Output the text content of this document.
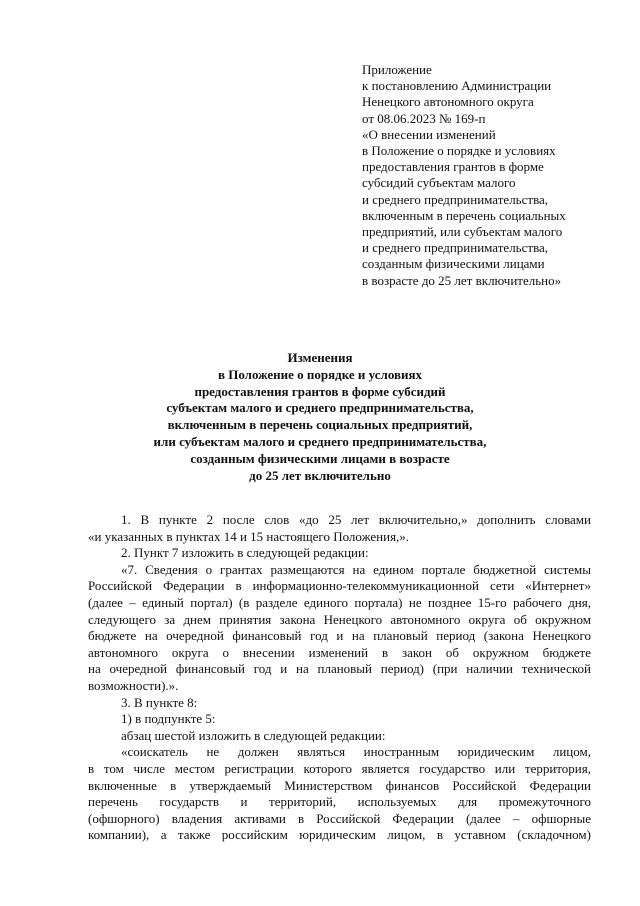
Приложение
к постановлению Администрации
Ненецкого автономного округа
от 08.06.2023 № 169-п
«О внесении изменений
в Положение о порядке и условиях
предоставления грантов в форме
субсидий субъектам малого
и среднего предпринимательства,
включенным в перечень социальных
предприятий, или субъектам малого
и среднего предпринимательства,
созданным физическими лицами
в возрасте до 25 лет включительно»
Изменения
в Положение о порядке и условиях
предоставления грантов в форме субсидий
субъектам малого и среднего предпринимательства,
включенным в перечень социальных предприятий,
или субъектам малого и среднего предпринимательства,
созданным физическими лицами в возрасте
до 25 лет включительно
1. В пункте 2 после слов «до 25 лет включительно,» дополнить словами
«и указанных в пунктах 14 и 15 настоящего Положения,».
2. Пункт 7 изложить в следующей редакции:
«7. Сведения о грантах размещаются на едином портале бюджетной системы
Российской Федерации в информационно-телекоммуникационной сети «Интернет»
(далее – единый портал) (в разделе единого портала) не позднее 15-го рабочего дня,
следующего за днем принятия закона Ненецкого автономного округа об окружном
бюджете на очередной финансовый год и на плановый период (закона Ненецкого
автономного округа о внесении изменений в закон об окружном бюджете
на очередной финансовый год и на плановый период) (при наличии технической
возможности).».
3. В пункте 8:
1) в подпункте 5:
абзац шестой изложить в следующей редакции:
«соискатель не должен являться иностранным юридическим лицом,
в том числе местом регистрации которого является государство или территория,
включенные в утверждаемый Министерством финансов Российской Федерации
перечень государств и территорий, используемых для промежуточного
(офшорного) владения активами в Российской Федерации (далее – офшорные
компании), а также российским юридическим лицом, в уставном (складочном)
